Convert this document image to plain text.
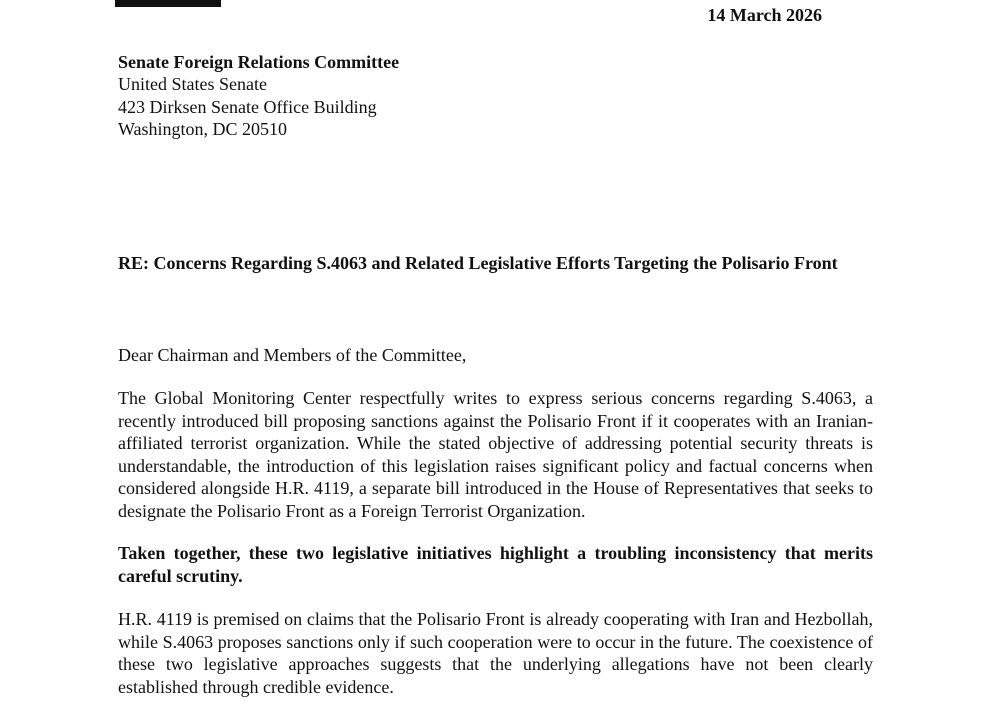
14 March 2026
Senate Foreign Relations Committee
United States Senate
423 Dirksen Senate Office Building
Washington, DC 20510
RE: Concerns Regarding S.4063 and Related Legislative Efforts Targeting the Polisario Front
Dear Chairman and Members of the Committee,

The Global Monitoring Center respectfully writes to express serious concerns regarding S.4063, a recently introduced bill proposing sanctions against the Polisario Front if it cooperates with an Iranian-affiliated terrorist organization. While the stated objective of addressing potential security threats is understandable, the introduction of this legislation raises significant policy and factual concerns when considered alongside H.R. 4119, a separate bill introduced in the House of Representatives that seeks to designate the Polisario Front as a Foreign Terrorist Organization.

Taken together, these two legislative initiatives highlight a troubling inconsistency that merits careful scrutiny.

H.R. 4119 is premised on claims that the Polisario Front is already cooperating with Iran and Hezbollah, while S.4063 proposes sanctions only if such cooperation were to occur in the future. The coexistence of these two legislative approaches suggests that the underlying allegations have not been clearly established through credible evidence.
